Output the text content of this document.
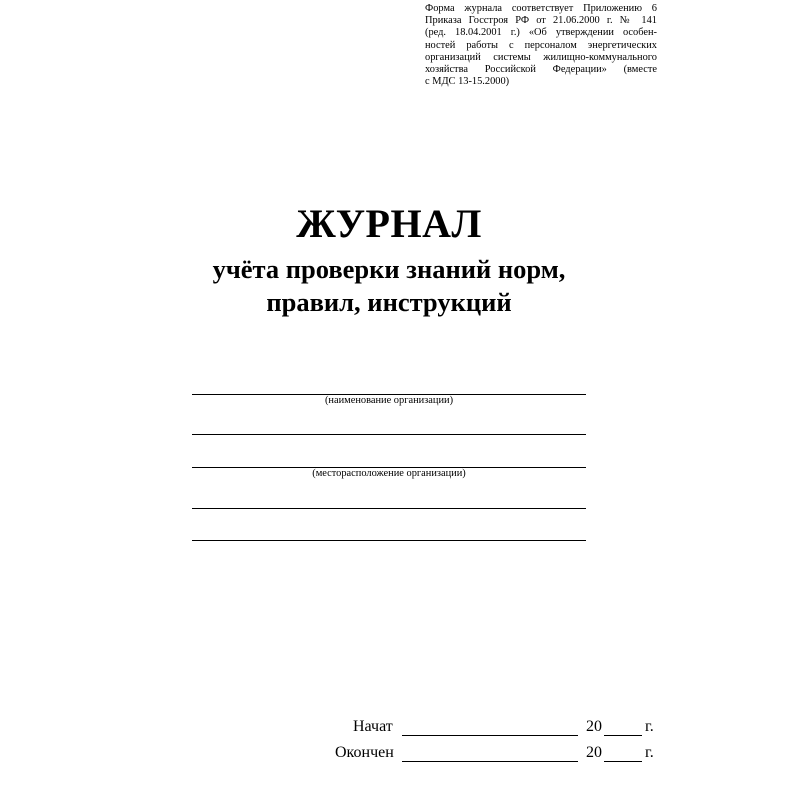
Форма журнала соответствует Приложению 6
Приказа Госстроя РФ от 21.06.2000 г. № 141
(ред. 18.04.2001 г.) «Об утверждении особен-
ностей работы с персоналом энергетических
организаций системы жилищно-коммунального
хозяйства Российской Федерации» (вместе
с МДС 13-15.2000)
ЖУРНАЛ
учёта проверки знаний норм,
правил, инструкций
(наименование организации)
(месторасположение организации)
Начат	20	г.
Окончен	20	г.
